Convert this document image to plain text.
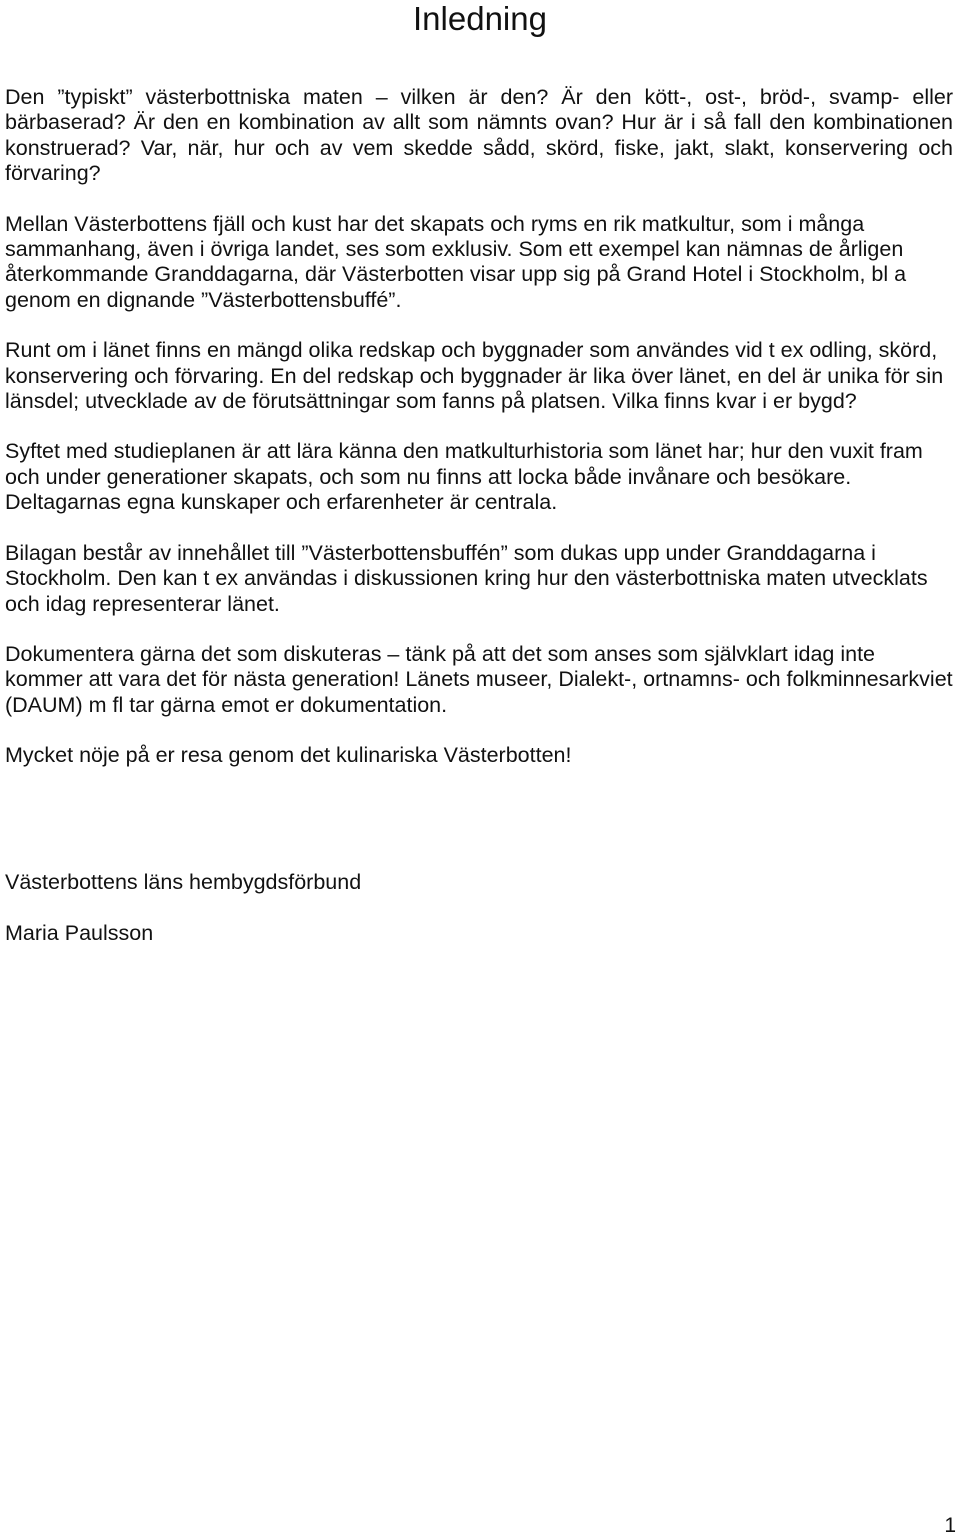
Inledning

Den ”typiskt” västerbottniska maten – vilken är den? Är den kött-, ost-, bröd-, svamp- eller bärbaserad? Är den en kombination av allt som nämnts ovan? Hur är i så fall den kombinationen konstruerad? Var, när, hur och av vem skedde sådd, skörd, fiske, jakt, slakt, konservering och förvaring?

Mellan Västerbottens fjäll och kust har det skapats och ryms en rik matkultur, som i många sammanhang, även i övriga landet, ses som exklusiv. Som ett exempel kan nämnas de årligen återkommande Granddagarna, där Västerbotten visar upp sig på Grand Hotel i Stockholm, bl a genom en dignande ”Västerbottensbuffé”.

Runt om i länet finns en mängd olika redskap och byggnader som användes vid t ex odling, skörd, konservering och förvaring. En del redskap och byggnader är lika över länet, en del är unika för sin länsdel; utvecklade av de förutsättningar som fanns på platsen. Vilka finns kvar i er bygd?

Syftet med studieplanen är att lära känna den matkulturhistoria som länet har; hur den vuxit fram och under generationer skapats, och som nu finns att locka både invånare och besökare. Deltagarnas egna kunskaper och erfarenheter är centrala.

Bilagan består av innehållet till ”Västerbottensbuffén” som dukas upp under Granddagarna i Stockholm. Den kan t ex användas i diskussionen kring hur den västerbottniska maten utvecklats och idag representerar länet.

Dokumentera gärna det som diskuteras – tänk på att det som anses som självklart idag inte kommer att vara det för nästa generation! Länets museer, Dialekt-, ortnamns- och folkminnesarkviet (DAUM) m fl tar gärna emot er dokumentation.

Mycket nöje på er resa genom det kulinariska Västerbotten!

Västerbottens läns hembygdsförbund

Maria Paulsson

1
